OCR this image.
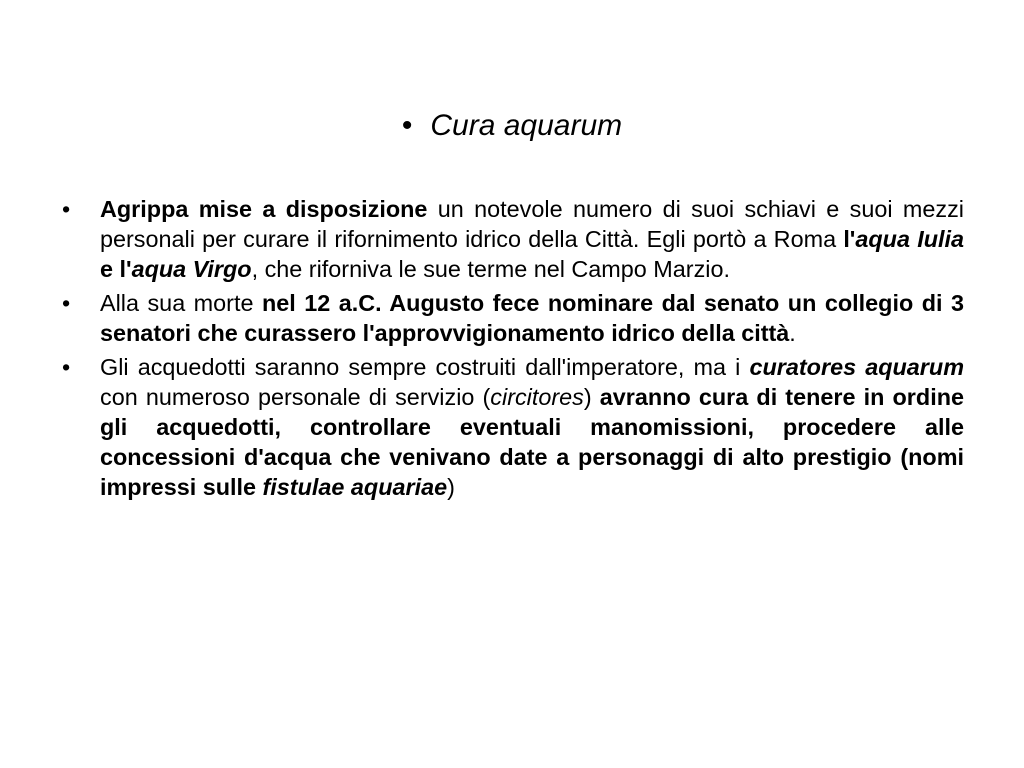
• Cura aquarum
• Agrippa mise a disposizione un notevole numero di suoi schiavi e suoi mezzi personali per curare il rifornimento idrico della Città. Egli portò a Roma l'aqua Iulia  e l'aqua Virgo, che riforniva le sue terme nel Campo Marzio.
• Alla sua morte nel 12 a.C. Augusto fece nominare dal senato un collegio di 3 senatori che curassero l'approvvigionamento idrico della città.
• Gli acquedotti saranno sempre costruiti dall'imperatore, ma i curatores aquarum con numeroso personale di servizio (circitores) avranno cura di tenere in ordine gli acquedotti, controllare eventuali manomissioni, procedere alle concessioni d'acqua che venivano date a personaggi di alto prestigio (nomi impressi sulle fistulae aquariae)
